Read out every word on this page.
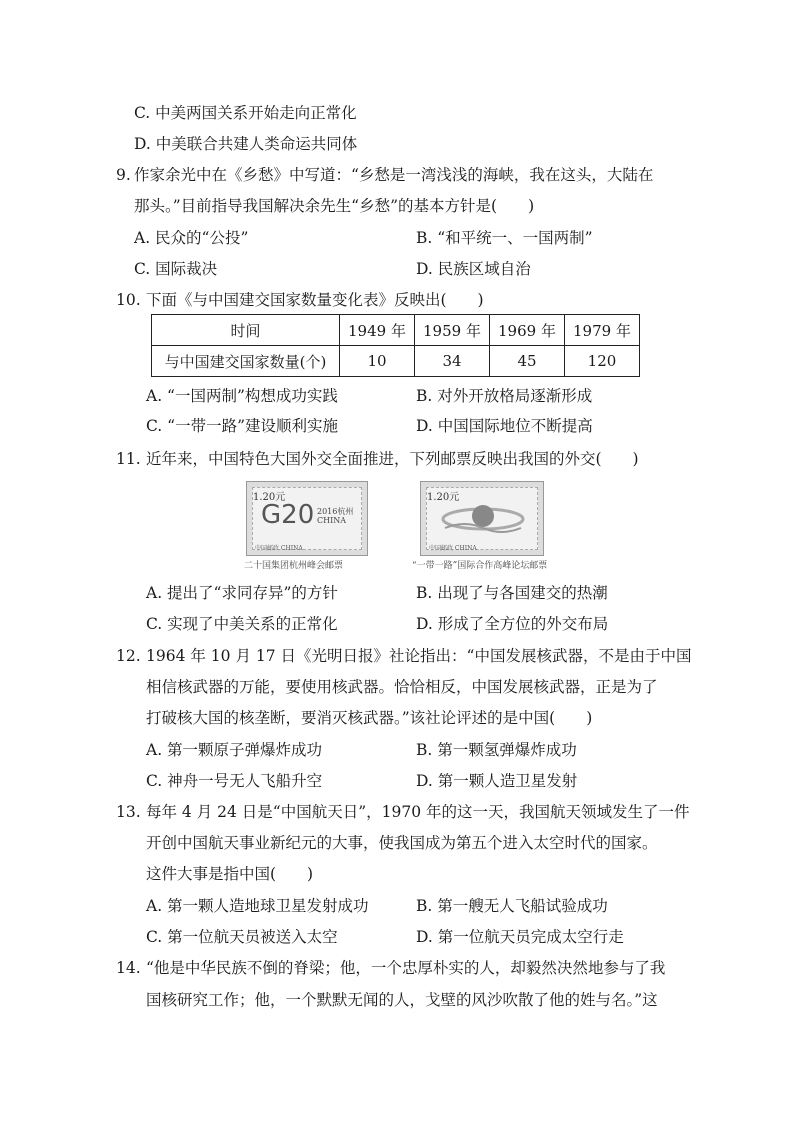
C. 中美两国关系开始走向正常化
D. 中美联合共建人类命运共同体
9. 作家余光中在《乡愁》中写道：“乡愁是一湾浅浅的海峡，我在这头，大陆在
那头。”目前指导我国解决余先生“乡愁”的基本方针是(　　)
A. 民众的“公投”	B. “和平统一、一国两制”
C. 国际裁决	D. 民族区域自治
10. 下面《与中国建交国家数量变化表》反映出(　　)
时间	1949 年	1959 年	1969 年	1979 年
与中国建交国家数量(个)	10	34	45	120
A. “一国两制”构想成功实践	B. 对外开放格局逐渐形成
C. “一带一路”建设顺利实施	D. 中国国际地位不断提高
11. 近年来，中国特色大国外交全面推进，下列邮票反映出我国的外交(　　)
1.20元
G20 2016杭州
CHINA
中国邮政 CHINA
二十国集团杭州峰会邮票
1.20元
中国邮政 CHINA
“一带一路”国际合作高峰论坛邮票
A. 提出了“求同存异”的方针	B. 出现了与各国建交的热潮
C. 实现了中美关系的正常化	D. 形成了全方位的外交布局
12. 1964 年 10 月 17 日《光明日报》社论指出：“中国发展核武器，不是由于中国
相信核武器的万能，要使用核武器。恰恰相反，中国发展核武器，正是为了
打破核大国的核垄断，要消灭核武器。”该社论评述的是中国(　　)
A. 第一颗原子弹爆炸成功	B. 第一颗氢弹爆炸成功
C. 神舟一号无人飞船升空	D. 第一颗人造卫星发射
13. 每年 4 月 24 日是“中国航天日”，1970 年的这一天，我国航天领域发生了一件
开创中国航天事业新纪元的大事，使我国成为第五个进入太空时代的国家。
这件大事是指中国(　　)
A. 第一颗人造地球卫星发射成功	B. 第一艘无人飞船试验成功
C. 第一位航天员被送入太空	D. 第一位航天员完成太空行走
14. “他是中华民族不倒的脊梁；他，一个忠厚朴实的人，却毅然决然地参与了我
国核研究工作；他，一个默默无闻的人，戈壁的风沙吹散了他的姓与名。”这
